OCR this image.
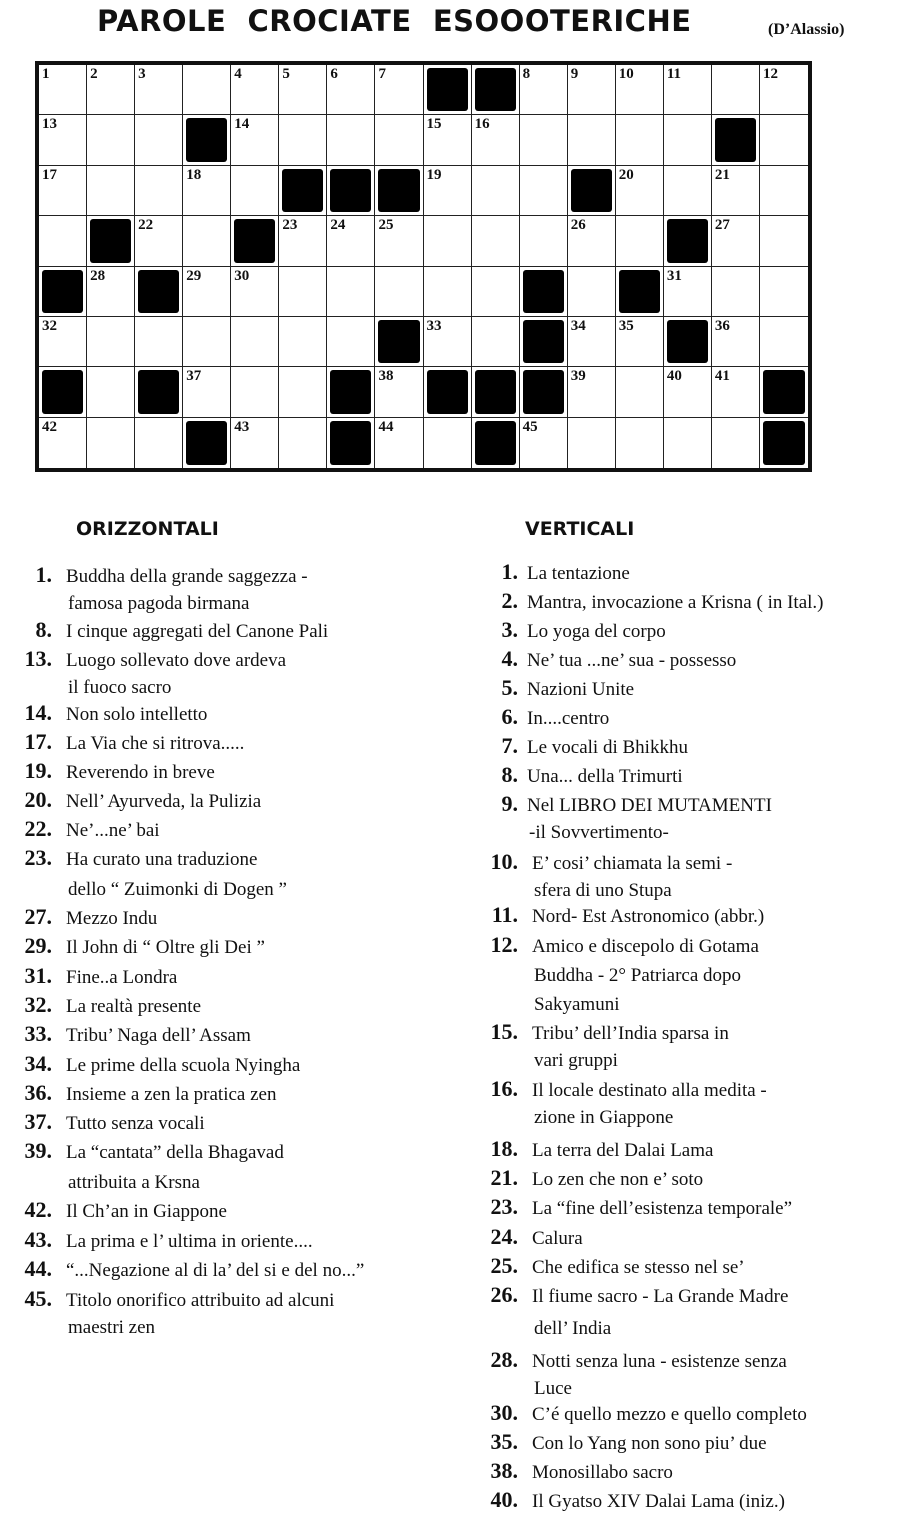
PAROLE  CROCIATE  ESOOOTERICHE	(D’Alassio)
1	2	3	4	5	6	7	8	9	10 11	12
13	14	15 16
17	18	19	20	21
22	23 24 25	26	27
28	29 30	31
32	33	34 35	36
37	38	39	40 41
42	43	44	45
ORIZZONTALI	VERTICALI
1. Buddha della grande saggezza -
famosa pagoda birmana
8. I cinque aggregati del Canone Pali
13. Luogo sollevato dove ardeva
il fuoco sacro
14. Non solo intelletto
17. La Via che si ritrova.....
19. Reverendo in breve
20. Nell’ Ayurveda, la Pulizia
22. Ne’...ne’ bai
23. Ha curato una traduzione
dello “ Zuimonki di Dogen ”
27. Mezzo Indu
29. Il John di “ Oltre gli Dei ”
31. Fine..a Londra
32. La realtà presente
33. Tribu’ Naga dell’ Assam
34. Le prime della scuola Nyingha
36. Insieme a zen la pratica zen
37. Tutto senza vocali
39. La “cantata” della Bhagavad
attribuita a Krsna
42. Il Ch’an in Giappone
43. La prima e l’ ultima in oriente....
44. “...Negazione al di la’ del si e del no...”
45. Titolo onorifico attribuito ad alcuni
maestri zen
1. La tentazione
2. Mantra, invocazione a Krisna ( in Ital.)
3. Lo yoga del corpo
4. Ne’ tua ...ne’ sua - possesso
5. Nazioni Unite
6. In....centro
7. Le vocali di Bhikkhu
8. Una... della Trimurti
9. Nel LIBRO DEI MUTAMENTI
-il Sovvertimento-
10. E’ cosi’ chiamata la semi -
sfera di uno Stupa
11. Nord- Est Astronomico (abbr.)
12. Amico e discepolo di Gotama
Buddha - 2° Patriarca dopo
Sakyamuni
15. Tribu’ dell’India sparsa in
vari gruppi
16. Il locale destinato alla medita -
zione in Giappone
18. La terra del Dalai Lama
21. Lo zen che non e’ soto
23. La “fine dell’esistenza temporale”
24. Calura
25. Che edifica se stesso nel se’
26. Il fiume sacro - La Grande Madre
dell’ India
28. Notti senza luna - esistenze senza
Luce
30. C’é quello mezzo e quello completo
35. Con lo Yang non sono piu’ due
38. Monosillabo sacro
40. Il Gyatso XIV Dalai Lama (iniz.)
